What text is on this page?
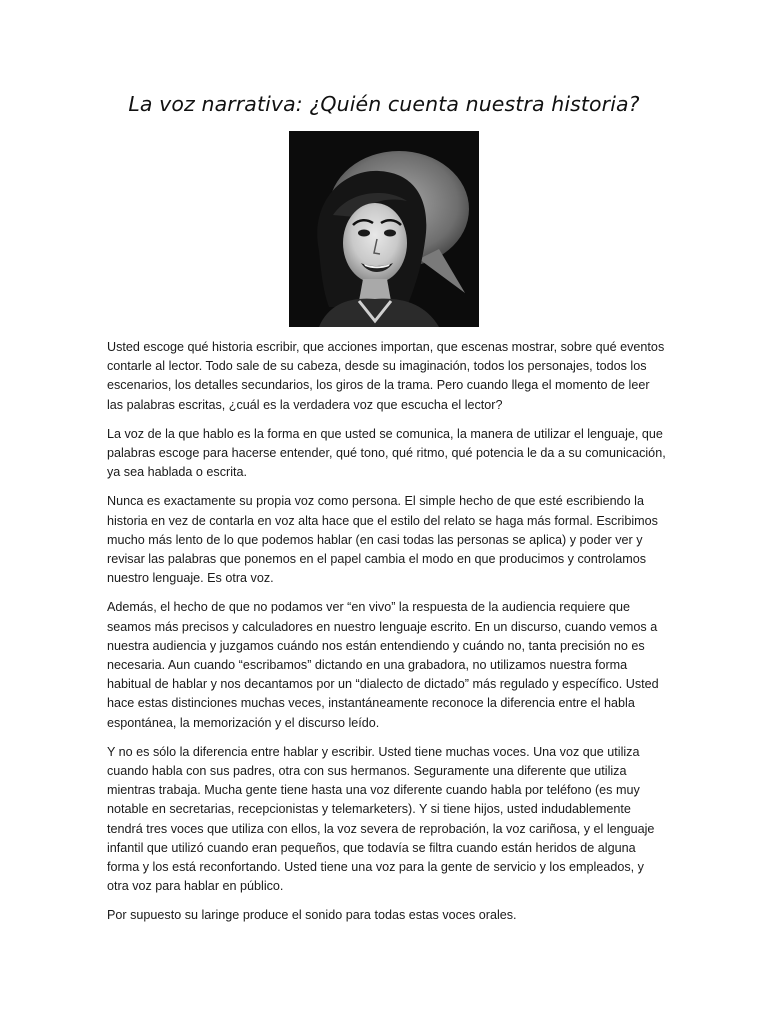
La voz narrativa: ¿Quién cuenta nuestra historia?

Usted escoge qué historia escribir, que acciones importan, que escenas mostrar, sobre qué eventos contarle al lector. Todo sale de su cabeza, desde su imaginación, todos los personajes, todos los escenarios, los detalles secundarios, los giros de la trama. Pero cuando llega el momento de leer las palabras escritas, ¿cuál es la verdadera voz que escucha el lector?

La voz de la que hablo es la forma en que usted se comunica, la manera de utilizar el lenguaje, que palabras escoge para hacerse entender, qué tono, qué ritmo, qué potencia le da a su comunicación, ya sea hablada o escrita.

Nunca es exactamente su propia voz como persona. El simple hecho de que esté escribiendo la historia en vez de contarla en voz alta hace que el estilo del relato se haga más formal. Escribimos mucho más lento de lo que podemos hablar (en casi todas las personas se aplica) y poder ver y revisar las palabras que ponemos en el papel cambia el modo en que producimos y controlamos nuestro lenguaje. Es otra voz.

Además, el hecho de que no podamos ver “en vivo” la respuesta de la audiencia requiere que seamos más precisos y calculadores en nuestro lenguaje escrito. En un discurso, cuando vemos a nuestra audiencia y juzgamos cuándo nos están entendiendo y cuándo no, tanta precisión no es necesaria. Aun cuando “escribamos” dictando en una grabadora, no utilizamos nuestra forma habitual de hablar y nos decantamos por un “dialecto de dictado” más regulado y específico. Usted hace estas distinciones muchas veces, instantáneamente reconoce la diferencia entre el habla espontánea, la memorización y el discurso leído.

Y no es sólo la diferencia entre hablar y escribir. Usted tiene muchas voces. Una voz que utiliza cuando habla con sus padres, otra con sus hermanos. Seguramente una diferente que utiliza mientras trabaja. Mucha gente tiene hasta una voz diferente cuando habla por teléfono (es muy notable en secretarias, recepcionistas y telemarketers). Y si tiene hijos, usted indudablemente tendrá tres voces que utiliza con ellos, la voz severa de reprobación, la voz cariñosa, y el lenguaje infantil que utilizó cuando eran pequeños, que todavía se filtra cuando están heridos de alguna forma y los está reconfortando. Usted tiene una voz para la gente de servicio y los empleados, y otra voz para hablar en público.

Por supuesto su laringe produce el sonido para todas estas voces orales.
